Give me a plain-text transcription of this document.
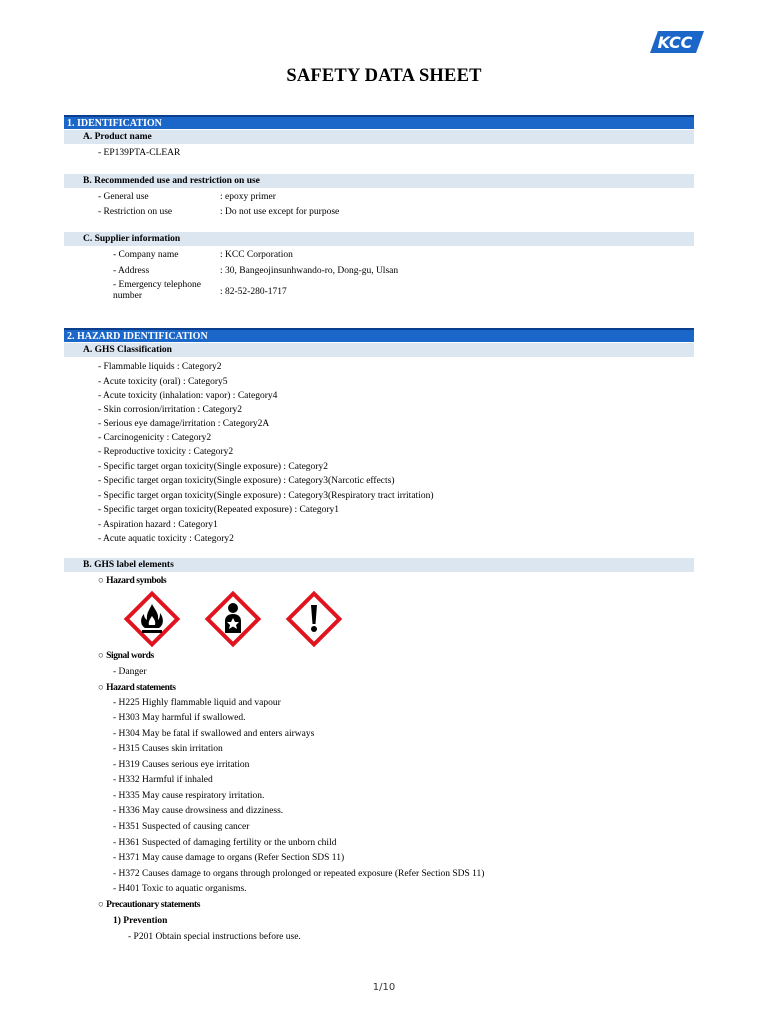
KCC
SAFETY DATA SHEET
1. IDENTIFICATION
A. Product name
- EP139PTA-CLEAR
B. Recommended use and restriction on use
- General use	: epoxy primer
- Restriction on use	: Do not use except for purpose
C. Supplier information
- Company name	: KCC Corporation
- Address	: 30, Bangeojinsunhwando-ro, Dong-gu, Ulsan
- Emergency telephone number	: 82-52-280-1717
2. HAZARD IDENTIFICATION
A. GHS Classification
- Flammable liquids : Category2
- Acute toxicity (oral) : Category5
- Acute toxicity (inhalation: vapor) : Category4
- Skin corrosion/irritation : Category2
- Serious eye damage/irritation : Category2A
- Carcinogenicity : Category2
- Reproductive toxicity : Category2
- Specific target organ toxicity(Single exposure) : Category2
- Specific target organ toxicity(Single exposure) : Category3(Narcotic effects)
- Specific target organ toxicity(Single exposure) : Category3(Respiratory tract irritation)
- Specific target organ toxicity(Repeated exposure) : Category1
- Aspiration hazard : Category1
- Acute aquatic toxicity : Category2
B. GHS label elements
○ Hazard symbols
○ Signal words
- Danger
○ Hazard statements
- H225 Highly flammable liquid and vapour
- H303 May harmful if swallowed.
- H304 May be fatal if swallowed and enters airways
- H315 Causes skin irritation
- H319 Causes serious eye irritation
- H332 Harmful if inhaled
- H335 May cause respiratory irritation.
- H336 May cause drowsiness and dizziness.
- H351 Suspected of causing cancer
- H361 Suspected of damaging fertility or the unborn child
- H371 May cause damage to organs (Refer Section SDS 11)
- H372 Causes damage to organs through prolonged or repeated exposure (Refer Section SDS 11)
- H401 Toxic to aquatic organisms.
○ Precautionary statements
1) Prevention
- P201 Obtain special instructions before use.
1/10
